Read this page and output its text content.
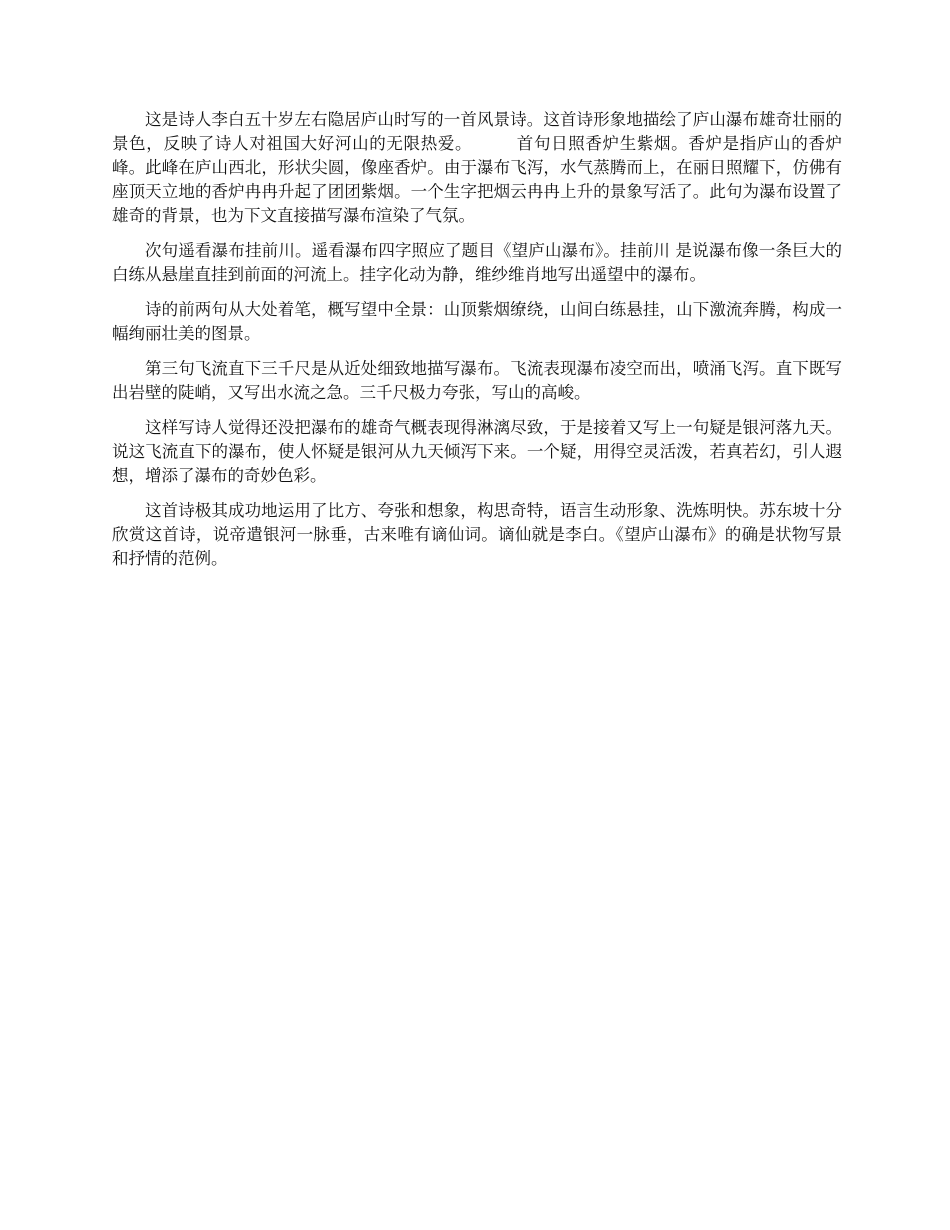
这是诗人李白五十岁左右隐居庐山时写的一首风景诗。这首诗形象地描绘了庐山瀑布雄奇壮丽的景色，反映了诗人对祖国大好河山的无限热爱。	首句日照香炉生紫烟。香炉是指庐山的香炉峰。此峰在庐山西北，形状尖圆，像座香炉。由于瀑布飞泻，水气蒸腾而上，在丽日照耀下，仿佛有座顶天立地的香炉冉冉升起了团团紫烟。一个生字把烟云冉冉上升的景象写活了。此句为瀑布设置了雄奇的背景，也为下文直接描写瀑布渲染了气氛。

次句遥看瀑布挂前川。遥看瀑布四字照应了题目《望庐山瀑布》。挂前川 是说瀑布像一条巨大的白练从悬崖直挂到前面的河流上。挂字化动为静，维纱维肖地写出遥望中的瀑布。

诗的前两句从大处着笔，概写望中全景：山顶紫烟缭绕，山间白练悬挂，山下激流奔腾，构成一幅绚丽壮美的图景。

第三句飞流直下三千尺是从近处细致地描写瀑布。飞流表现瀑布凌空而出，喷涌飞泻。直下既写出岩壁的陡峭，又写出水流之急。三千尺极力夸张，写山的高峻。

这样写诗人觉得还没把瀑布的雄奇气概表现得淋漓尽致，于是接着又写上一句疑是银河落九天。说这飞流直下的瀑布，使人怀疑是银河从九天倾泻下来。一个疑，用得空灵活泼，若真若幻，引人遐想，增添了瀑布的奇妙色彩。

这首诗极其成功地运用了比方、夸张和想象，构思奇特，语言生动形象、洗炼明快。苏东坡十分欣赏这首诗，说帝遣银河一脉垂，古来唯有谪仙词。谪仙就是李白。《望庐山瀑布》的确是状物写景和抒情的范例。
